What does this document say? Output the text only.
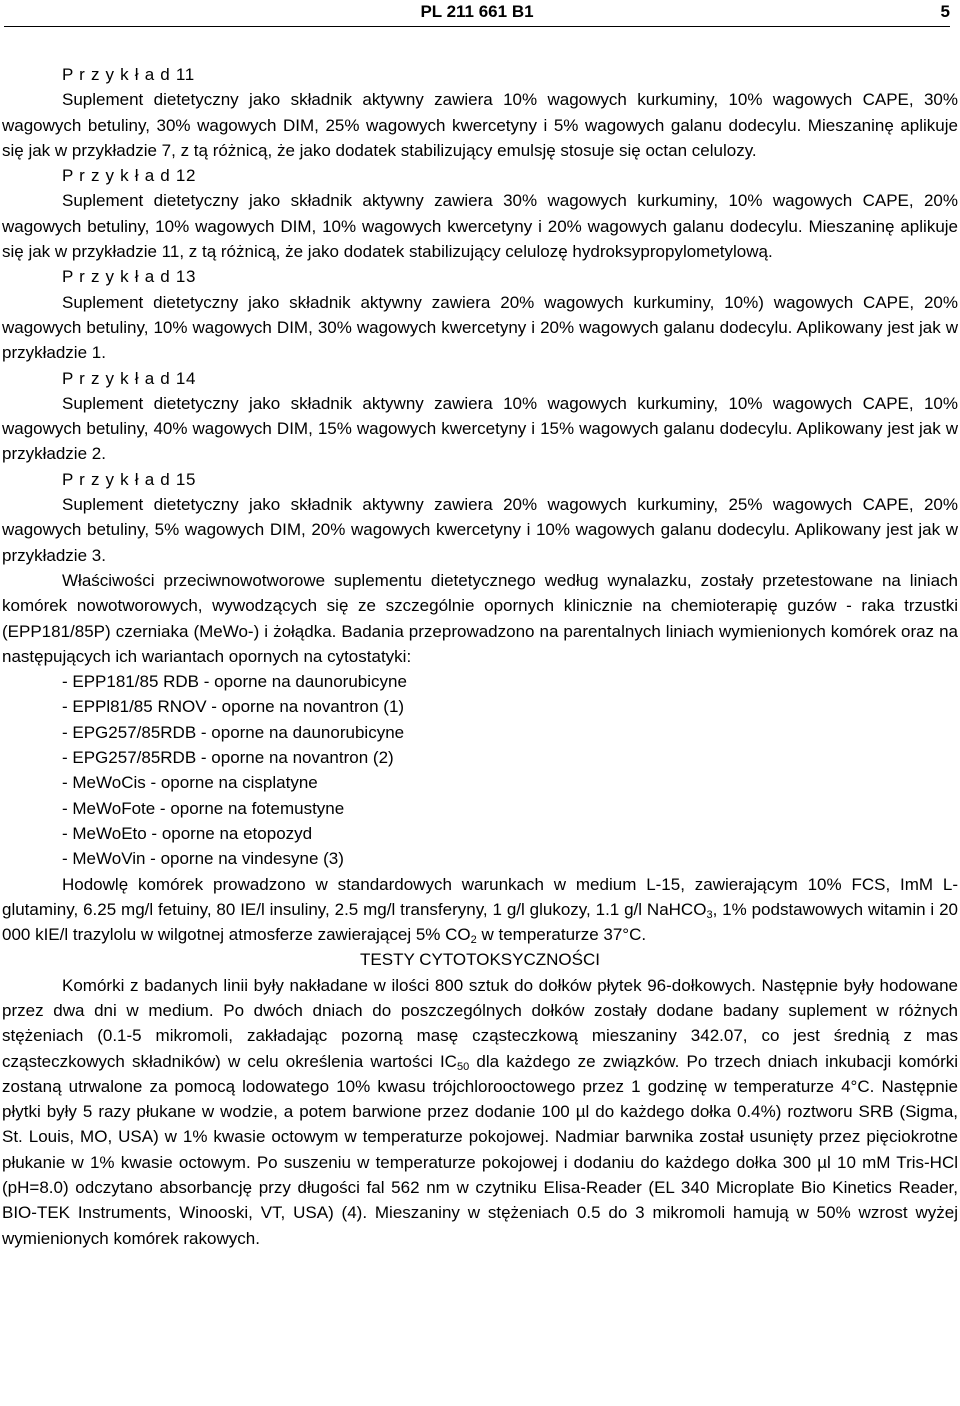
PL 211 661 B1	5
P r z y k ł a d 11

Suplement dietetyczny jako składnik aktywny zawiera 10% wagowych kurkuminy, 10% wagowych CAPE, 30% wagowych betuliny, 30% wagowych DIM, 25% wagowych kwercetyny i 5% wagowych galanu dodecylu. Mieszaninę aplikuje się jak w przykładzie 7, z tą różnicą, że jako dodatek stabilizujący emulsję stosuje się octan celulozy.

P r z y k ł a d 12

Suplement dietetyczny jako składnik aktywny zawiera 30% wagowych kurkuminy, 10% wagowych CAPE, 20% wagowych betuliny, 10% wagowych DIM, 10% wagowych kwercetyny i 20% wagowych galanu dodecylu. Mieszaninę aplikuje się jak w przykładzie 11, z tą różnicą, że jako dodatek stabilizujący celulozę hydroksypropylometylową.

P r z y k ł a d 13

Suplement dietetyczny jako składnik aktywny zawiera 20% wagowych kurkuminy, 10%) wagowych CAPE, 20% wagowych betuliny, 10% wagowych DIM, 30% wagowych kwercetyny i 20% wagowych galanu dodecylu. Aplikowany jest jak w przykładzie 1.

P r z y k ł a d 14

Suplement dietetyczny jako składnik aktywny zawiera 10% wagowych kurkuminy, 10% wagowych CAPE, 10% wagowych betuliny, 40% wagowych DIM, 15% wagowych kwercetyny i 15% wagowych galanu dodecylu. Aplikowany jest jak w przykładzie 2.

P r z y k ł a d 15

Suplement dietetyczny jako składnik aktywny zawiera 20% wagowych kurkuminy, 25% wagowych CAPE, 20% wagowych betuliny, 5% wagowych DIM, 20% wagowych kwercetyny i 10% wagowych galanu dodecylu. Aplikowany jest jak w przykładzie 3.

Właściwości przeciwnowotworowe suplementu dietetycznego według wynalazku, zostały przetestowane na liniach komórek nowotworowych, wywodzących się ze szczególnie opornych klinicznie na chemioterapię guzów - raka trzustki (EPP181/85P) czerniaka (MeWo-) i żołądka. Badania przeprowadzono na parentalnych liniach wymienionych komórek oraz na następujących ich wariantach opornych na cytostatyki:

- EPP181/85 RDB - oporne na daunorubicyne
- EPPl81/85 RNOV - oporne na novantron (1)
- EPG257/85RDB - oporne na daunorubicyne
- EPG257/85RDB - oporne na novantron (2)
- MeWoCis - oporne na cisplatyne
- MeWoFote - oporne na fotemustyne
- MeWoEto - oporne na etopozyd
- MeWoVin - oporne na vindesyne (3)

Hodowlę komórek prowadzono w standardowych warunkach w medium L-15, zawierającym 10% FCS, ImM L-glutaminy, 6.25 mg/l fetuiny, 80 IE/l insuliny, 2.5 mg/l transferyny, 1 g/l glukozy, 1.1 g/l NaHCO$_3$, 1% podstawowych witamin i 20 000 kIE/l trazylolu w wilgotnej atmosferze zawierającej 5% $CO_2$ w temperaturze 37°C.

TESTY CYTOTOKSYCZNOŚCI

Komórki z badanych linii były nakładane w ilości 800 sztuk do dołków płytek 96-dołkowych. Następnie były hodowane przez dwa dni w medium. Po dwóch dniach do poszczególnych dołków zostały dodane badany suplement w różnych stężeniach (0.1-5 mikromoli, zakładając pozorną masę cząsteczkową mieszaniny 342.07, co jest średnią z mas cząsteczkowych składników) w celu określenia wartości $IC_{50}$ dla każdego ze związków. Po trzech dniach inkubacji komórki zostaną utrwalone za pomocą lodowatego 10% kwasu trójchlorooctowego przez 1 godzinę w temperaturze 4°C. Następnie płytki były 5 razy płukane w wodzie, a potem barwione przez dodanie 100 µl do każdego dołka 0.4%) roztworu SRB (Sigma, St. Louis, MO, USA) w 1% kwasie octowym w temperaturze pokojowej. Nadmiar barwnika został usunięty przez pięciokrotne płukanie w 1% kwasie octowym. Po suszeniu w temperaturze pokojowej i dodaniu do każdego dołka 300 µl 10 mM Tris-HCl (pH=8.0) odczytano absorbancję przy długości fal 562 nm w czytniku Elisa-Reader (EL 340 Microplate Bio Kinetics Reader, BIO-TEK Instruments, Winooski, VT, USA) (4). Mieszaniny w stężeniach 0.5 do 3 mikromoli hamują w 50% wzrost wyżej wymienionych komórek rakowych.
